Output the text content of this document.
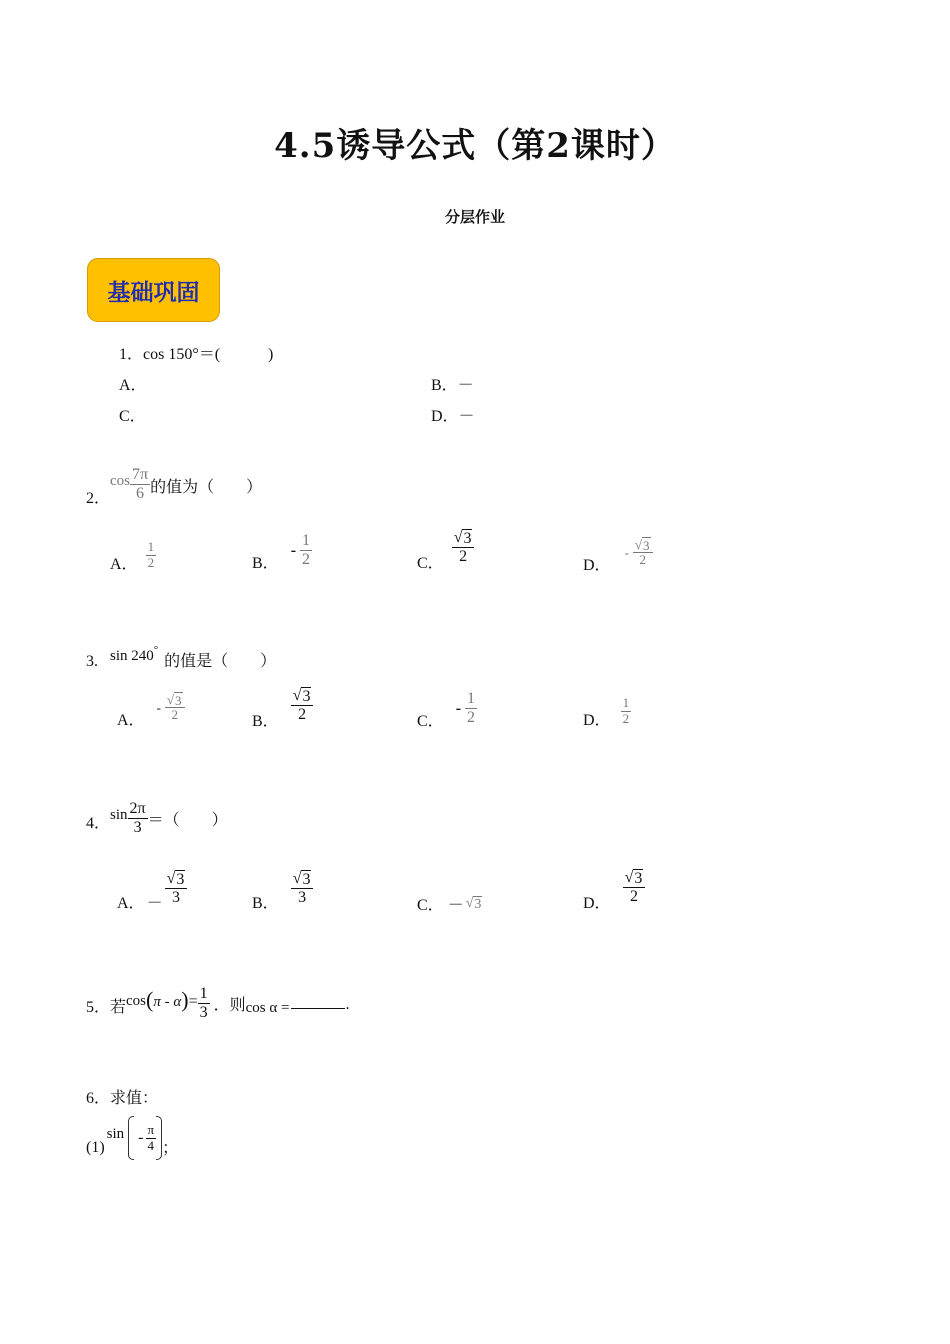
4.5诱导公式（第2课时）
分层作业
基础巩固
1．cos 150°＝(　　　)
A．	B．－
C．	D．－
2．
$\cos \frac{7\pi}{6}$ 的值为（　　）
A． $\frac{1}{2}$	B．
- $\frac{1}{2}$	C． $\frac{√ 3}{2}$	D．
- $\frac{√ 3}{2}$
3. sin 240° 的值是（　　）
A．
- $\frac{√ 3}{2}$	B． $\frac{√ 3}{2}$	C．
- $\frac{1}{2}$	D． $\frac{1}{2}$
4． $\sin \frac{2\pi}{3}$ ＝（　　）
A． － $\frac{√ 3}{3}$	B． $\frac{√ 3}{3}$	C． － √ 3	D． $\frac{√ 3}{2}$
5．若 cos ( π - α ) = $\frac{1}{3}$ ．则 cos α =	.
6．求值：
(1)
sin - $\frac{\pi}{4}$ ；
